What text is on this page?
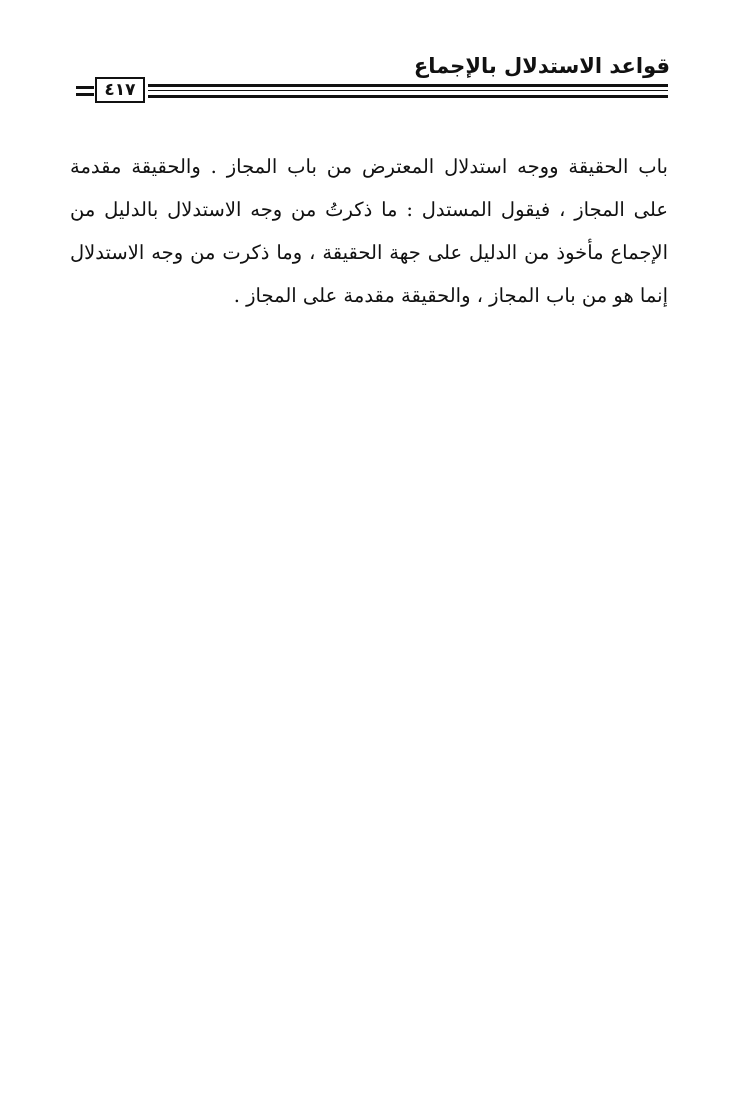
قواعد الاستدلال بالإجماع
٤١٧

باب الحقيقة ووجه استدلال المعترض من باب المجاز . والحقيقة مقدمة على المجاز ، فيقول المستدل : ما ذكرتُ من وجه الاستدلال بالدليل من الإجماع مأخوذ من الدليل على جهة الحقيقة ، وما ذكرت من وجه الاستدلال إنما هو من باب المجاز ، والحقيقة مقدمة على المجاز .
